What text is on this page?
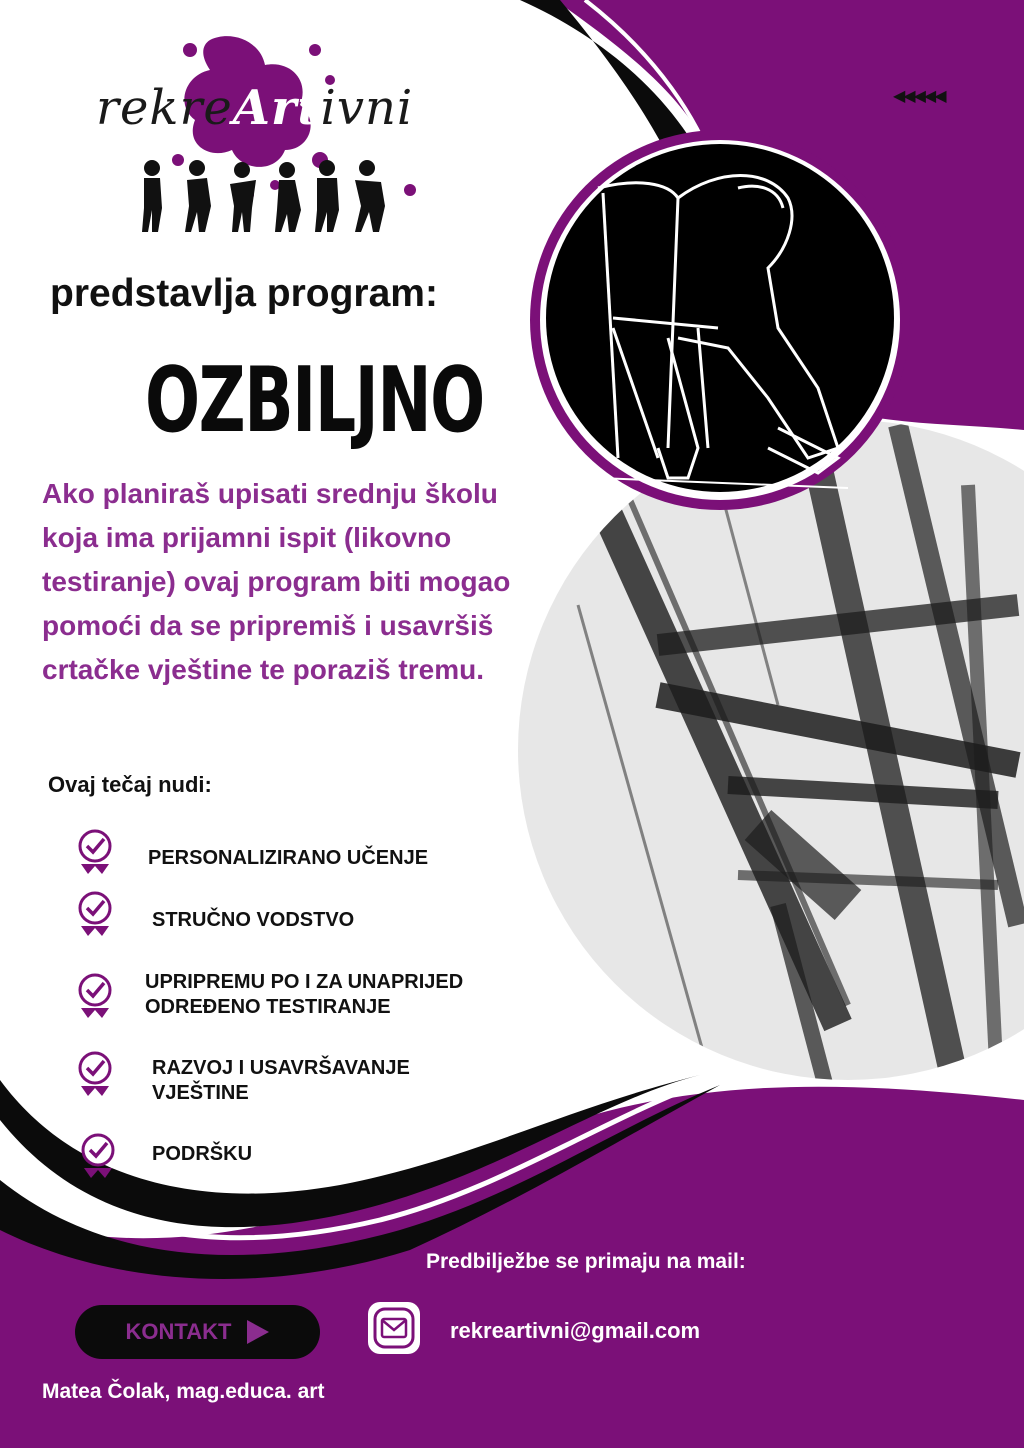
◀◀◀◀◀
rekreArtivni
predstavlja program:
OZBILJNO
Ako planiraš upisati srednju školu koja ima prijamni ispit (likovno testiranje) ovaj program biti mogao pomoći da se pripremiš i usavršiš crtačke vještine te poraziš tremu.
Ovaj tečaj nudi:
PERSONALIZIRANO UČENJE
STRUČNO VODSTVO
UPRIPREMU PO I ZA UNAPRIJED
ODREĐENO TESTIRANJE
RAZVOJ I USAVRŠAVANJE
VJEŠTINE
PODRŠKU
Predbilježbe se primaju na mail:
KONTAKT	rekreartivni@gmail.com
Matea Čolak, mag.educa. art
